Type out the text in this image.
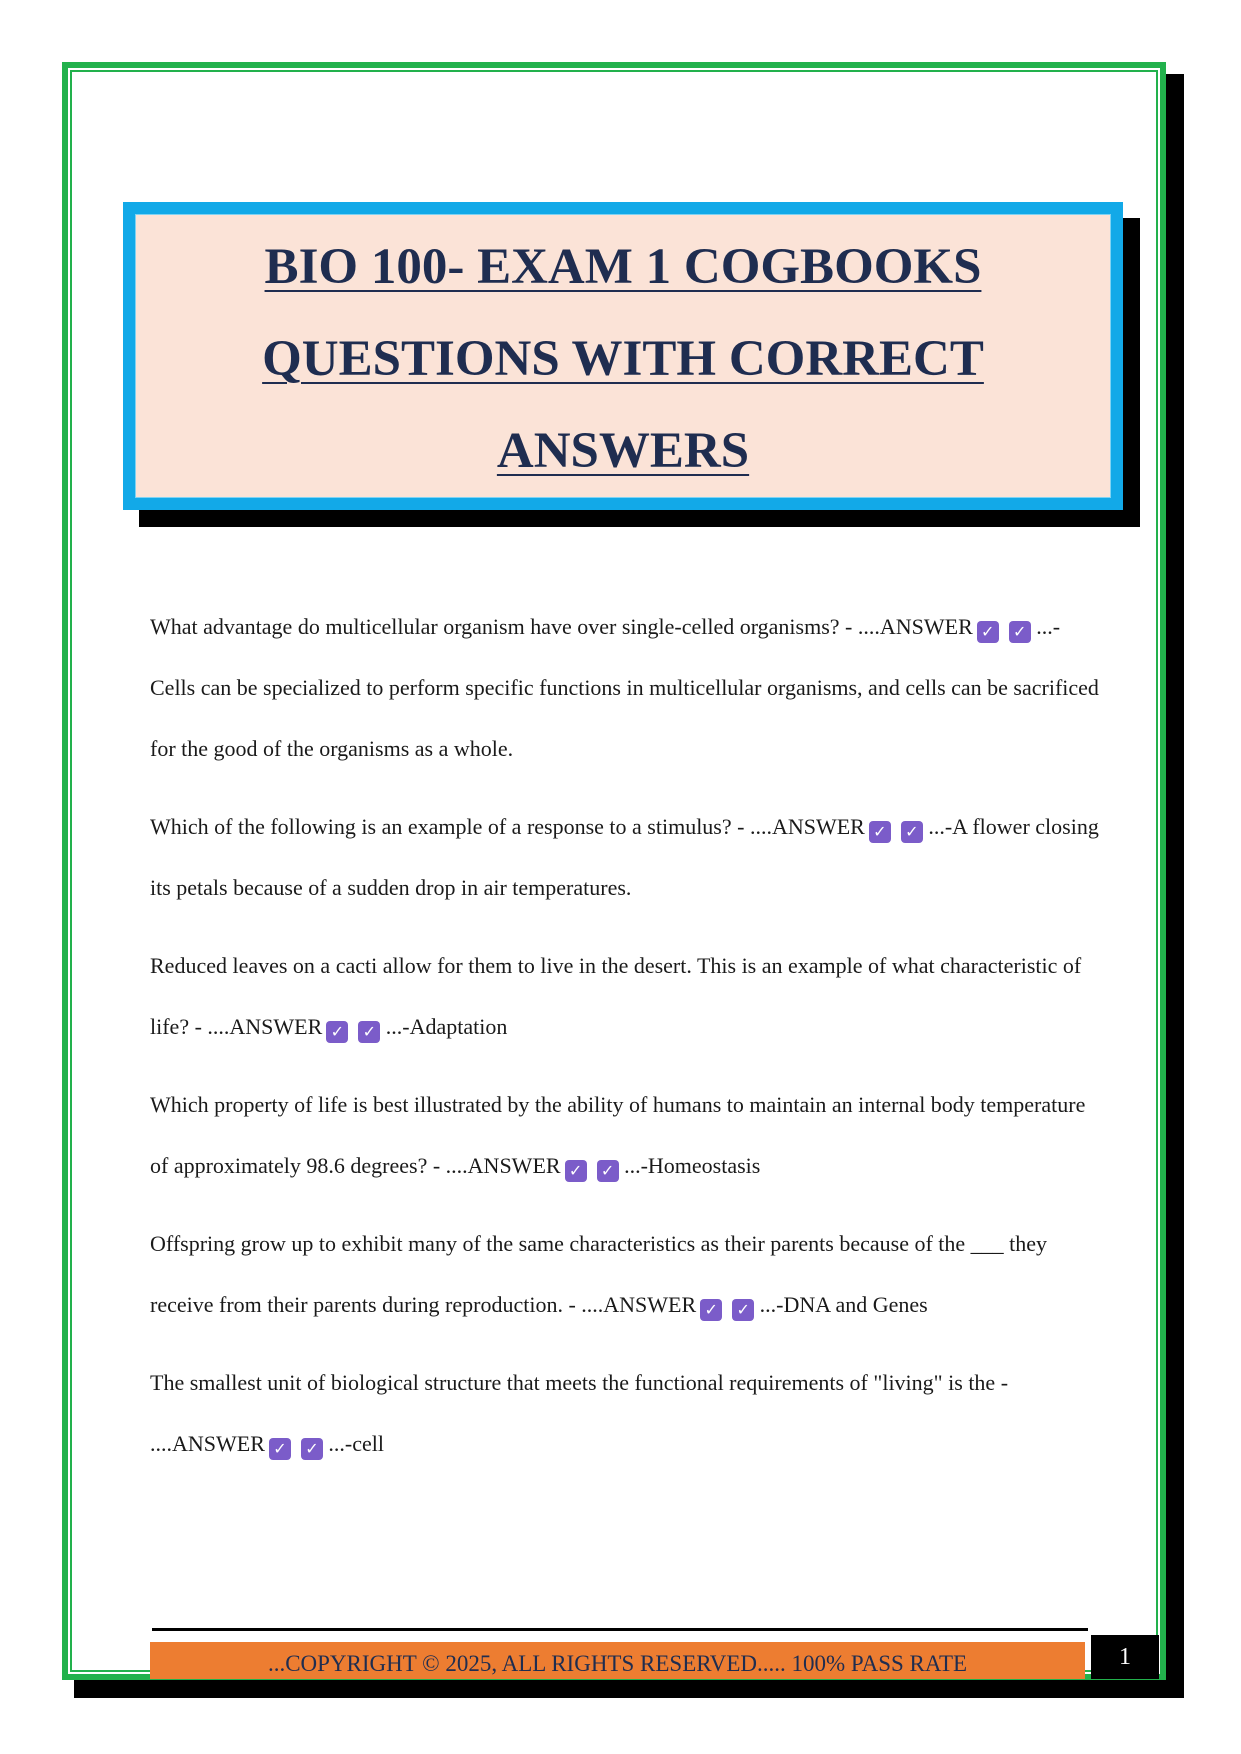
BIO 100- EXAM 1 COGBOOKS
QUESTIONS WITH CORRECT
ANSWERS

What advantage do multicellular organism have over single-celled organisms? - ....ANSWER ✓ ✓ ...-Cells can be specialized to perform specific functions in multicellular organisms, and cells can be sacrificed for the good of the organisms as a whole.

Which of the following is an example of a response to a stimulus? - ....ANSWER ✓ ✓ ...-A flower closing its petals because of a sudden drop in air temperatures.

Reduced leaves on a cacti allow for them to live in the desert. This is an example of what characteristic of life? - ....ANSWER ✓ ✓ ...-Adaptation

Which property of life is best illustrated by the ability of humans to maintain an internal body temperature of approximately 98.6 degrees? - ....ANSWER ✓ ✓ ...-Homeostasis

Offspring grow up to exhibit many of the same characteristics as their parents because of the ___ they receive from their parents during reproduction. - ....ANSWER ✓ ✓ ...-DNA and Genes

The smallest unit of biological structure that meets the functional requirements of "living" is the - ....ANSWER ✓ ✓ ...-cell

...COPYRIGHT © 2025, ALL RIGHTS RESERVED..... 100% PASS RATE	1
